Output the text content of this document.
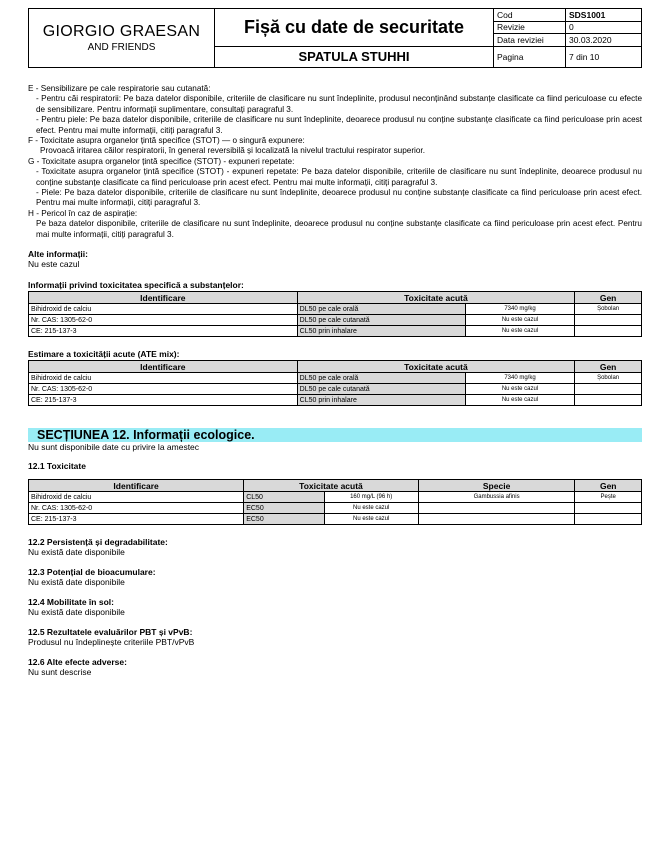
GIORGIO GRAESAN
AND FRIENDS	Fișă cu date de securitate	Cod	SDS1001
		Revizie	0
		Data reviziei	30.03.2020
	SPATULA STUHHI	Pagina	7 din 10
E - Sensibilizare pe cale respiratorie sau cutanată:
- Pentru căi respiratorii: Pe baza datelor disponibile, criteriile de clasificare nu sunt îndeplinite, produsul neconținând substanțe clasificate ca fiind periculoase cu efecte de sensibilizare. Pentru informații suplimentare, consultați paragraful 3.
- Pentru piele: Pe baza datelor disponibile, criteriile de clasificare nu sunt îndeplinite, deoarece produsul nu conține substanțe clasificate ca fiind periculoase prin acest efect. Pentru mai multe informații, citiți paragraful 3.
F - Toxicitate asupra organelor țintă specifice (STOT) — o singură expunere:
Provoacă iritarea căilor respiratorii, în general reversibilă și localizată la nivelul tractului respirator superior.
G - Toxicitate asupra organelor țintă specifice (STOT) - expuneri repetate:
- Toxicitate asupra organelor țintă specifice (STOT) - expuneri repetate: Pe baza datelor disponibile, criteriile de clasificare nu sunt îndeplinite, deoarece produsul nu conține substanțe clasificate ca fiind periculoase prin acest efect. Pentru mai multe informații, citiți paragraful 3.
- Piele: Pe baza datelor disponibile, criteriile de clasificare nu sunt îndeplinite, deoarece produsul nu conține substanțe clasificate ca fiind periculoase prin acest efect. Pentru mai multe informații, citiți paragraful 3.
H - Pericol în caz de aspirație:
Pe baza datelor disponibile, criteriile de clasificare nu sunt îndeplinite, deoarece produsul nu conține substanțe clasificate ca fiind periculoase prin acest efect. Pentru mai multe informații, citiți paragraful 3.
Alte informații:
Nu este cazul
Informații privind toxicitatea specifică a substanțelor:
Identificare	Toxicitate acută		Gen
Bihidroxid de calciu	DL50 pe cale orală	7340 mg/kg	Șobolan
Nr. CAS: 1305-62-0	DL50 pe cale cutanată	Nu este cazul	
CE: 215-137-3	CL50 prin inhalare	Nu este cazul	
Estimare a toxicității acute (ATE mix):
Identificare	Toxicitate acută		Gen
Bihidroxid de calciu	DL50 pe cale orală	7340 mg/kg	Șobolan
Nr. CAS: 1305-62-0	DL50 pe cale cutanată	Nu este cazul	
CE: 215-137-3	CL50 prin inhalare	Nu este cazul	
SECȚIUNEA 12. Informații ecologice.
Nu sunt disponibile date cu privire la amestec
12.1 Toxicitate
Identificare	Toxicitate acută		Specie	Gen
Bihidroxid de calciu	CL50	160 mg/L (96 h)	Gambussia afinis	Pește
Nr. CAS: 1305-62-0	EC50	Nu este cazul		
CE: 215-137-3	EC50	Nu este cazul		
12.2 Persistență și degradabilitate:
Nu există date disponibile
12.3 Potențial de bioacumulare:
Nu există date disponibile
12.4 Mobilitate în sol:
Nu există date disponibile
12.5 Rezultatele evaluărilor PBT și vPvB:
Produsul nu îndeplinește criteriile PBT/vPvB
12.6 Alte efecte adverse:
Nu sunt descrise
